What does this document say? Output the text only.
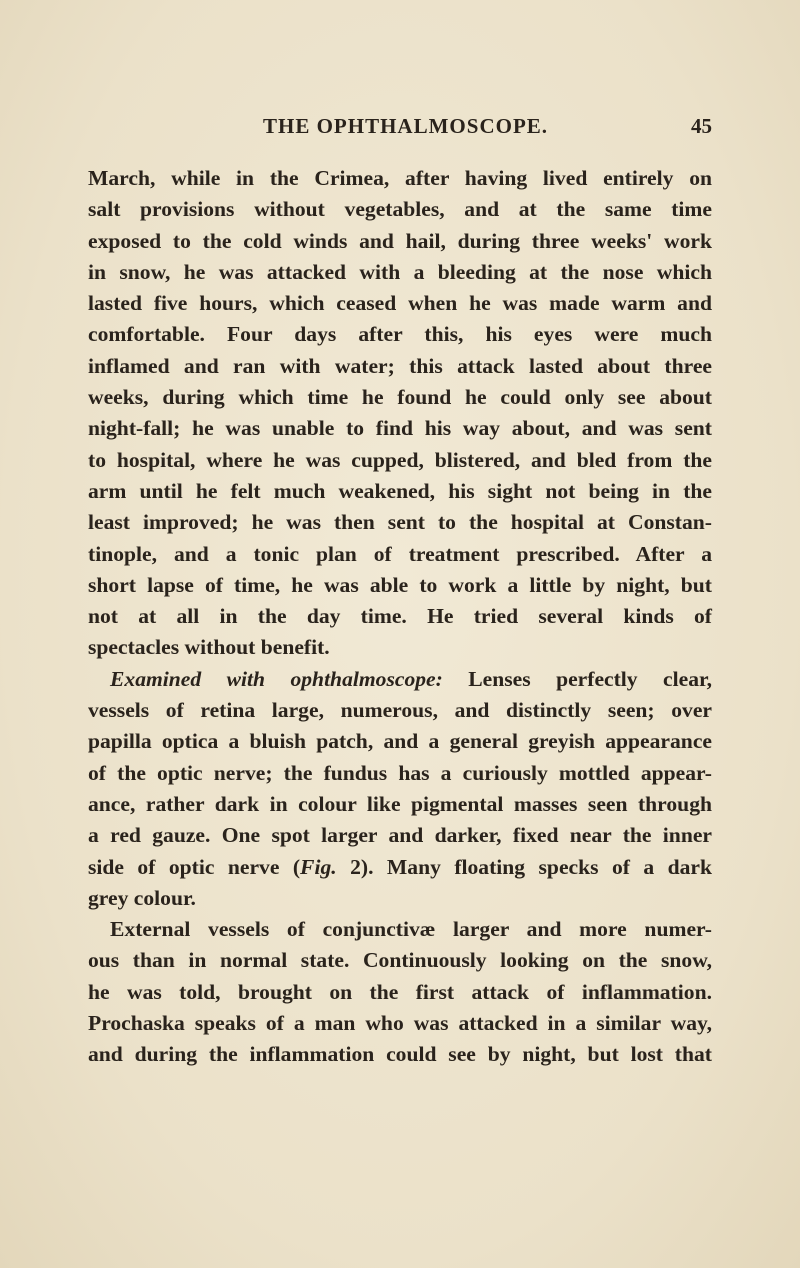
THE OPHTHALMOSCOPE.	45
March, while in the Crimea, after having lived entirely on
salt provisions without vegetables, and at the same time
exposed to the cold winds and hail, during three weeks' work
in snow, he was attacked with a bleeding at the nose which
lasted five hours, which ceased when he was made warm and
comfortable. Four days after this, his eyes were much
inflamed and ran with water; this attack lasted about three
weeks, during which time he found he could only see about
night-fall; he was unable to find his way about, and was sent
to hospital, where he was cupped, blistered, and bled from the
arm until he felt much weakened, his sight not being in the
least improved; he was then sent to the hospital at Constan-
tinople, and a tonic plan of treatment prescribed. After a
short lapse of time, he was able to work a little by night, but
not at all in the day time. He tried several kinds of
spectacles without benefit.
Examined with ophthalmoscope: Lenses perfectly clear,
vessels of retina large, numerous, and distinctly seen; over
papilla optica a bluish patch, and a general greyish appearance
of the optic nerve; the fundus has a curiously mottled appear-
ance, rather dark in colour like pigmental masses seen through
a red gauze. One spot larger and darker, fixed near the inner
side of optic nerve (Fig. 2). Many floating specks of a dark
grey colour.
External vessels of conjunctivæ larger and more numer-
ous than in normal state. Continuously looking on the snow,
he was told, brought on the first attack of inflammation.
Prochaska speaks of a man who was attacked in a similar way,
and during the inflammation could see by night, but lost that
